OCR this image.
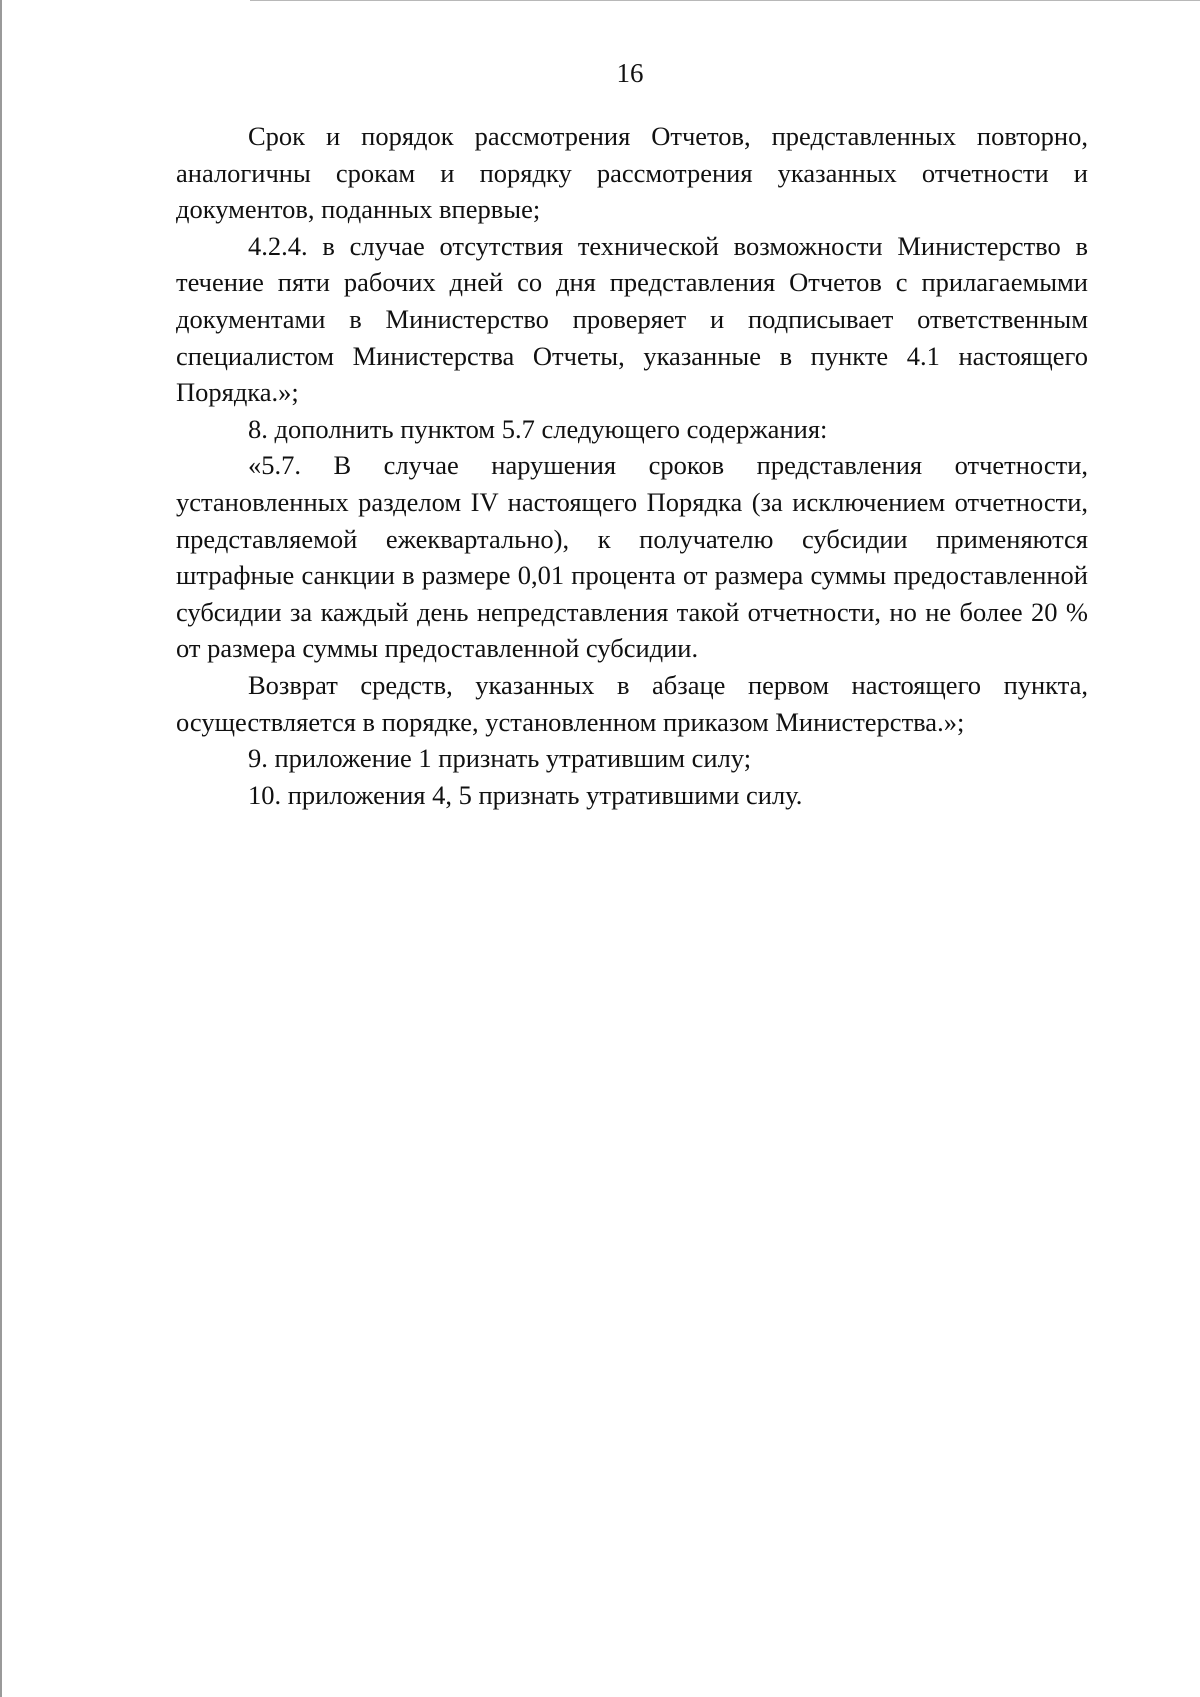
16

Срок и порядок рассмотрения Отчетов, представленных повторно, аналогичны срокам и порядку рассмотрения указанных отчетности и документов, поданных впервые;

4.2.4. в случае отсутствия технической возможности Министерство в течение пяти рабочих дней со дня представления Отчетов с прилагаемыми документами в Министерство проверяет и подписывает ответственным специалистом Министерства Отчеты, указанные в пункте 4.1 настоящего Порядка.»;

8. дополнить пунктом 5.7 следующего содержания:

«5.7. В случае нарушения сроков представления отчетности, установленных разделом IV настоящего Порядка (за исключением отчетности, представляемой ежеквартально), к получателю субсидии применяются штрафные санкции в размере 0,01 процента от размера суммы предоставленной субсидии за каждый день непредставления такой отчетности, но не более 20 % от размера суммы предоставленной субсидии.

Возврат средств, указанных в абзаце первом настоящего пункта, осуществляется в порядке, установленном приказом Министерства.»;

9. приложение 1 признать утратившим силу;

10. приложения 4, 5 признать утратившими силу.
